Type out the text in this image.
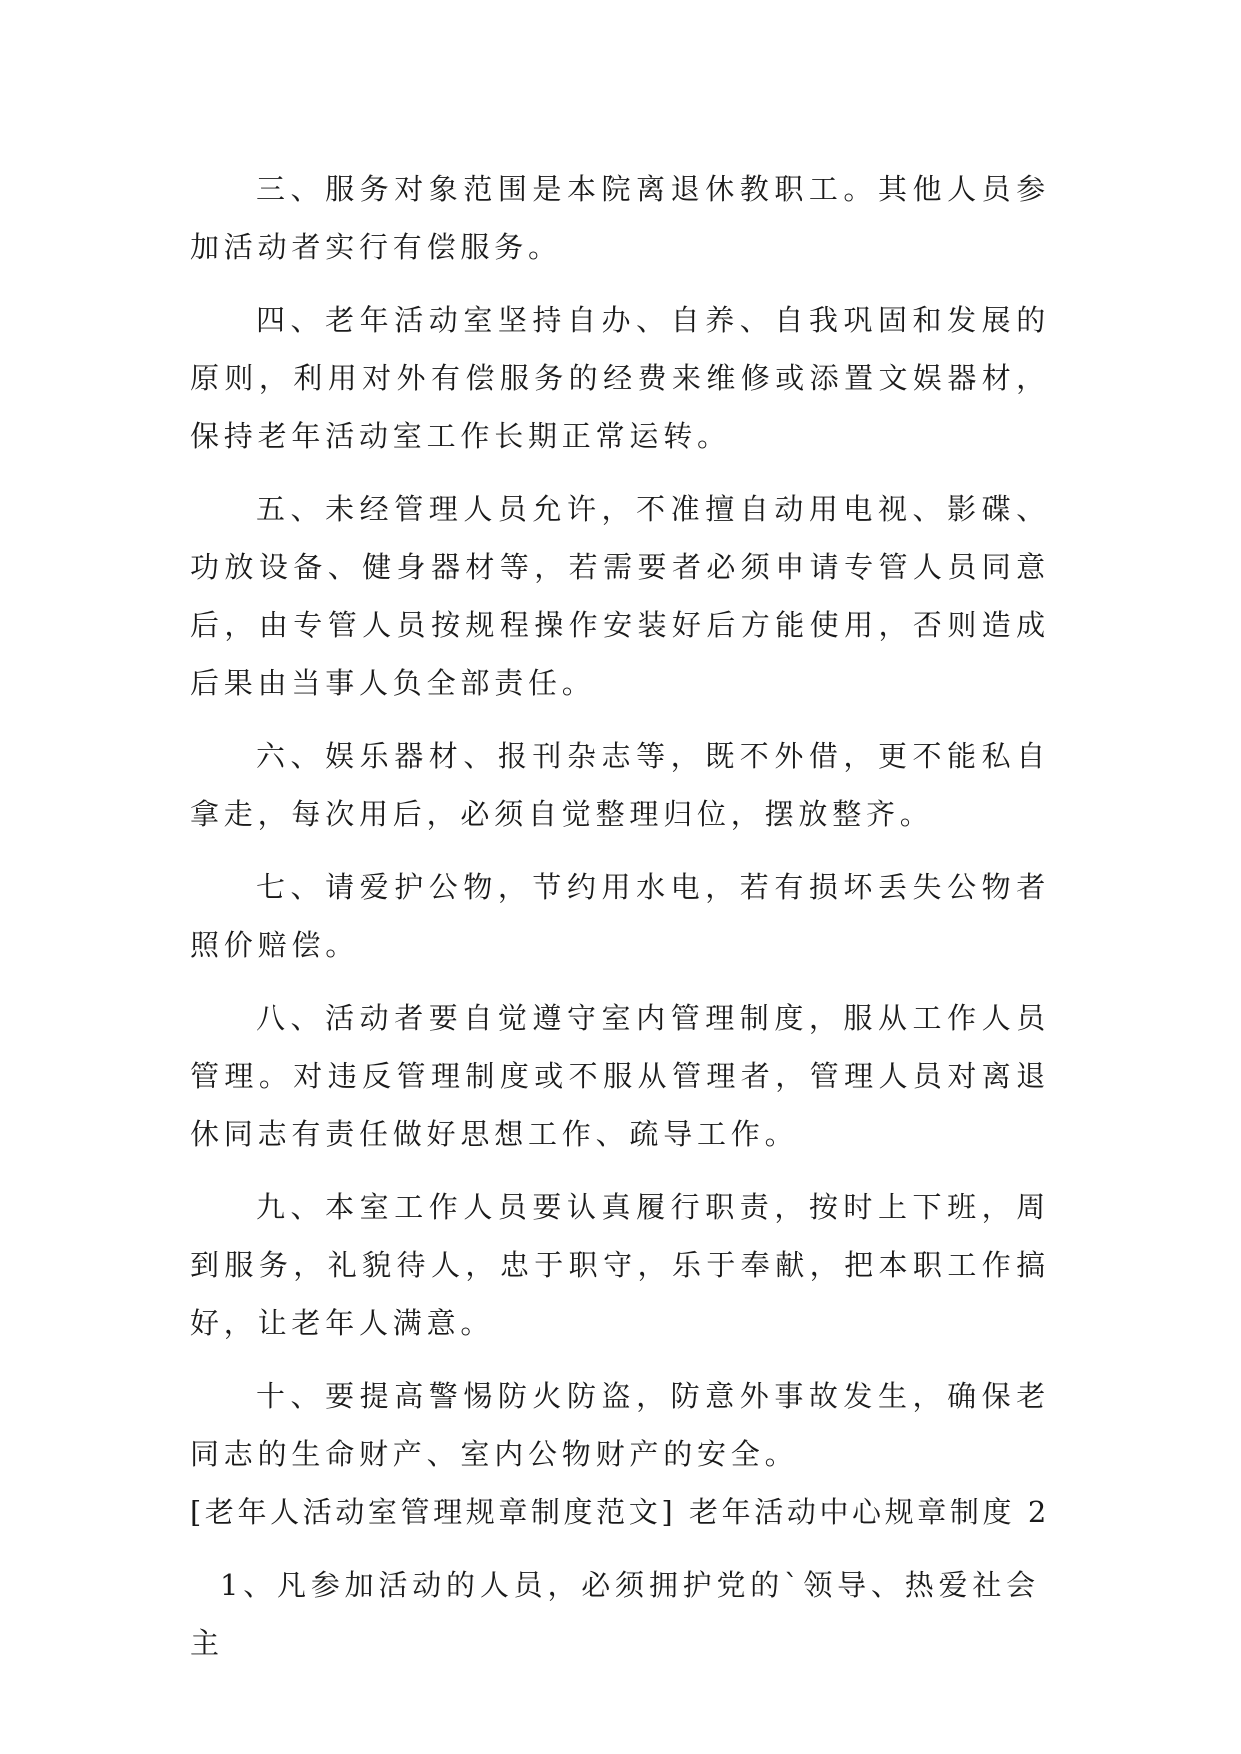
三、服务对象范围是本院离退休教职工。其他人员参加活动者实行有偿服务。

四、老年活动室坚持自办、自养、自我巩固和发展的原则，利用对外有偿服务的经费来维修或添置文娱器材，保持老年活动室工作长期正常运转。

五、未经管理人员允许，不准擅自动用电视、影碟、功放设备、健身器材等，若需要者必须申请专管人员同意后，由专管人员按规程操作安装好后方能使用，否则造成后果由当事人负全部责任。

六、娱乐器材、报刊杂志等，既不外借，更不能私自拿走，每次用后，必须自觉整理归位，摆放整齐。

七、请爱护公物，节约用水电，若有损坏丢失公物者照价赔偿。

八、活动者要自觉遵守室内管理制度，服从工作人员管理。对违反管理制度或不服从管理者，管理人员对离退休同志有责任做好思想工作、疏导工作。

九、本室工作人员要认真履行职责，按时上下班，周到服务，礼貌待人，忠于职守，乐于奉献，把本职工作搞好，让老年人满意。

十、要提高警惕防火防盗，防意外事故发生，确保老同志的生命财产、室内公物财产的安全。

[老年人活动室管理规章制度范文] 老年活动中心规章制度 2

1、凡参加活动的人员，必须拥护党的`领导、热爱社会主
